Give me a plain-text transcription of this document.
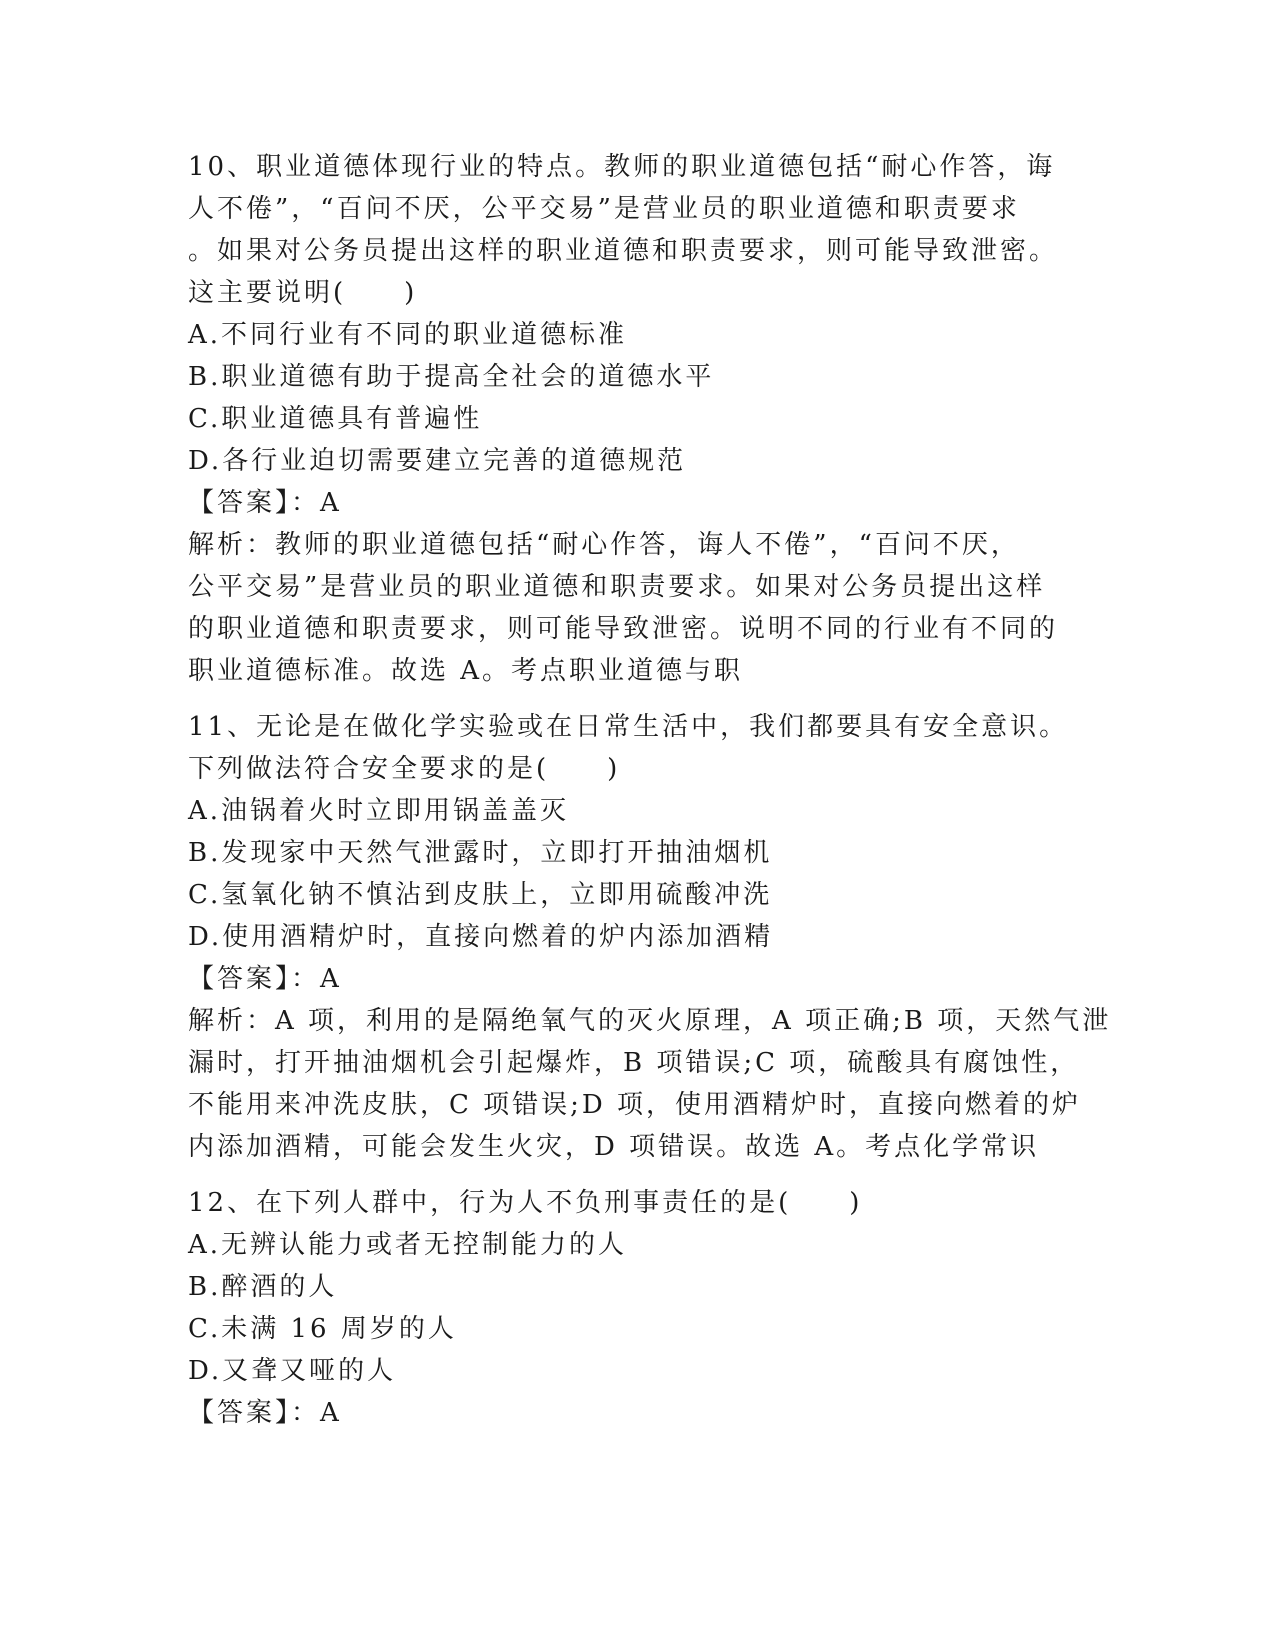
10、职业道德体现行业的特点。教师的职业道德包括“耐心作答，诲
人不倦”，“百问不厌，公平交易”是营业员的职业道德和职责要求
。如果对公务员提出这样的职业道德和职责要求，则可能导致泄密。
这主要说明(　　)
A.不同行业有不同的职业道德标准
B.职业道德有助于提高全社会的道德水平
C.职业道德具有普遍性
D.各行业迫切需要建立完善的道德规范
【答案】：A
解析：教师的职业道德包括“耐心作答，诲人不倦”，“百问不厌，
公平交易”是营业员的职业道德和职责要求。如果对公务员提出这样
的职业道德和职责要求，则可能导致泄密。说明不同的行业有不同的
职业道德标准。故选 A。考点职业道德与职
11、无论是在做化学实验或在日常生活中，我们都要具有安全意识。
下列做法符合安全要求的是(　　)
A.油锅着火时立即用锅盖盖灭
B.发现家中天然气泄露时，立即打开抽油烟机
C.氢氧化钠不慎沾到皮肤上，立即用硫酸冲洗
D.使用酒精炉时，直接向燃着的炉内添加酒精
【答案】：A
解析：A 项，利用的是隔绝氧气的灭火原理，A 项正确;B 项，天然气泄
漏时，打开抽油烟机会引起爆炸，B 项错误;C 项，硫酸具有腐蚀性，
不能用来冲洗皮肤，C 项错误;D 项，使用酒精炉时，直接向燃着的炉
内添加酒精，可能会发生火灾，D 项错误。故选 A。考点化学常识
12、在下列人群中，行为人不负刑事责任的是(　　)
A.无辨认能力或者无控制能力的人
B.醉酒的人
C.未满 16 周岁的人
D.又聋又哑的人
【答案】：A
